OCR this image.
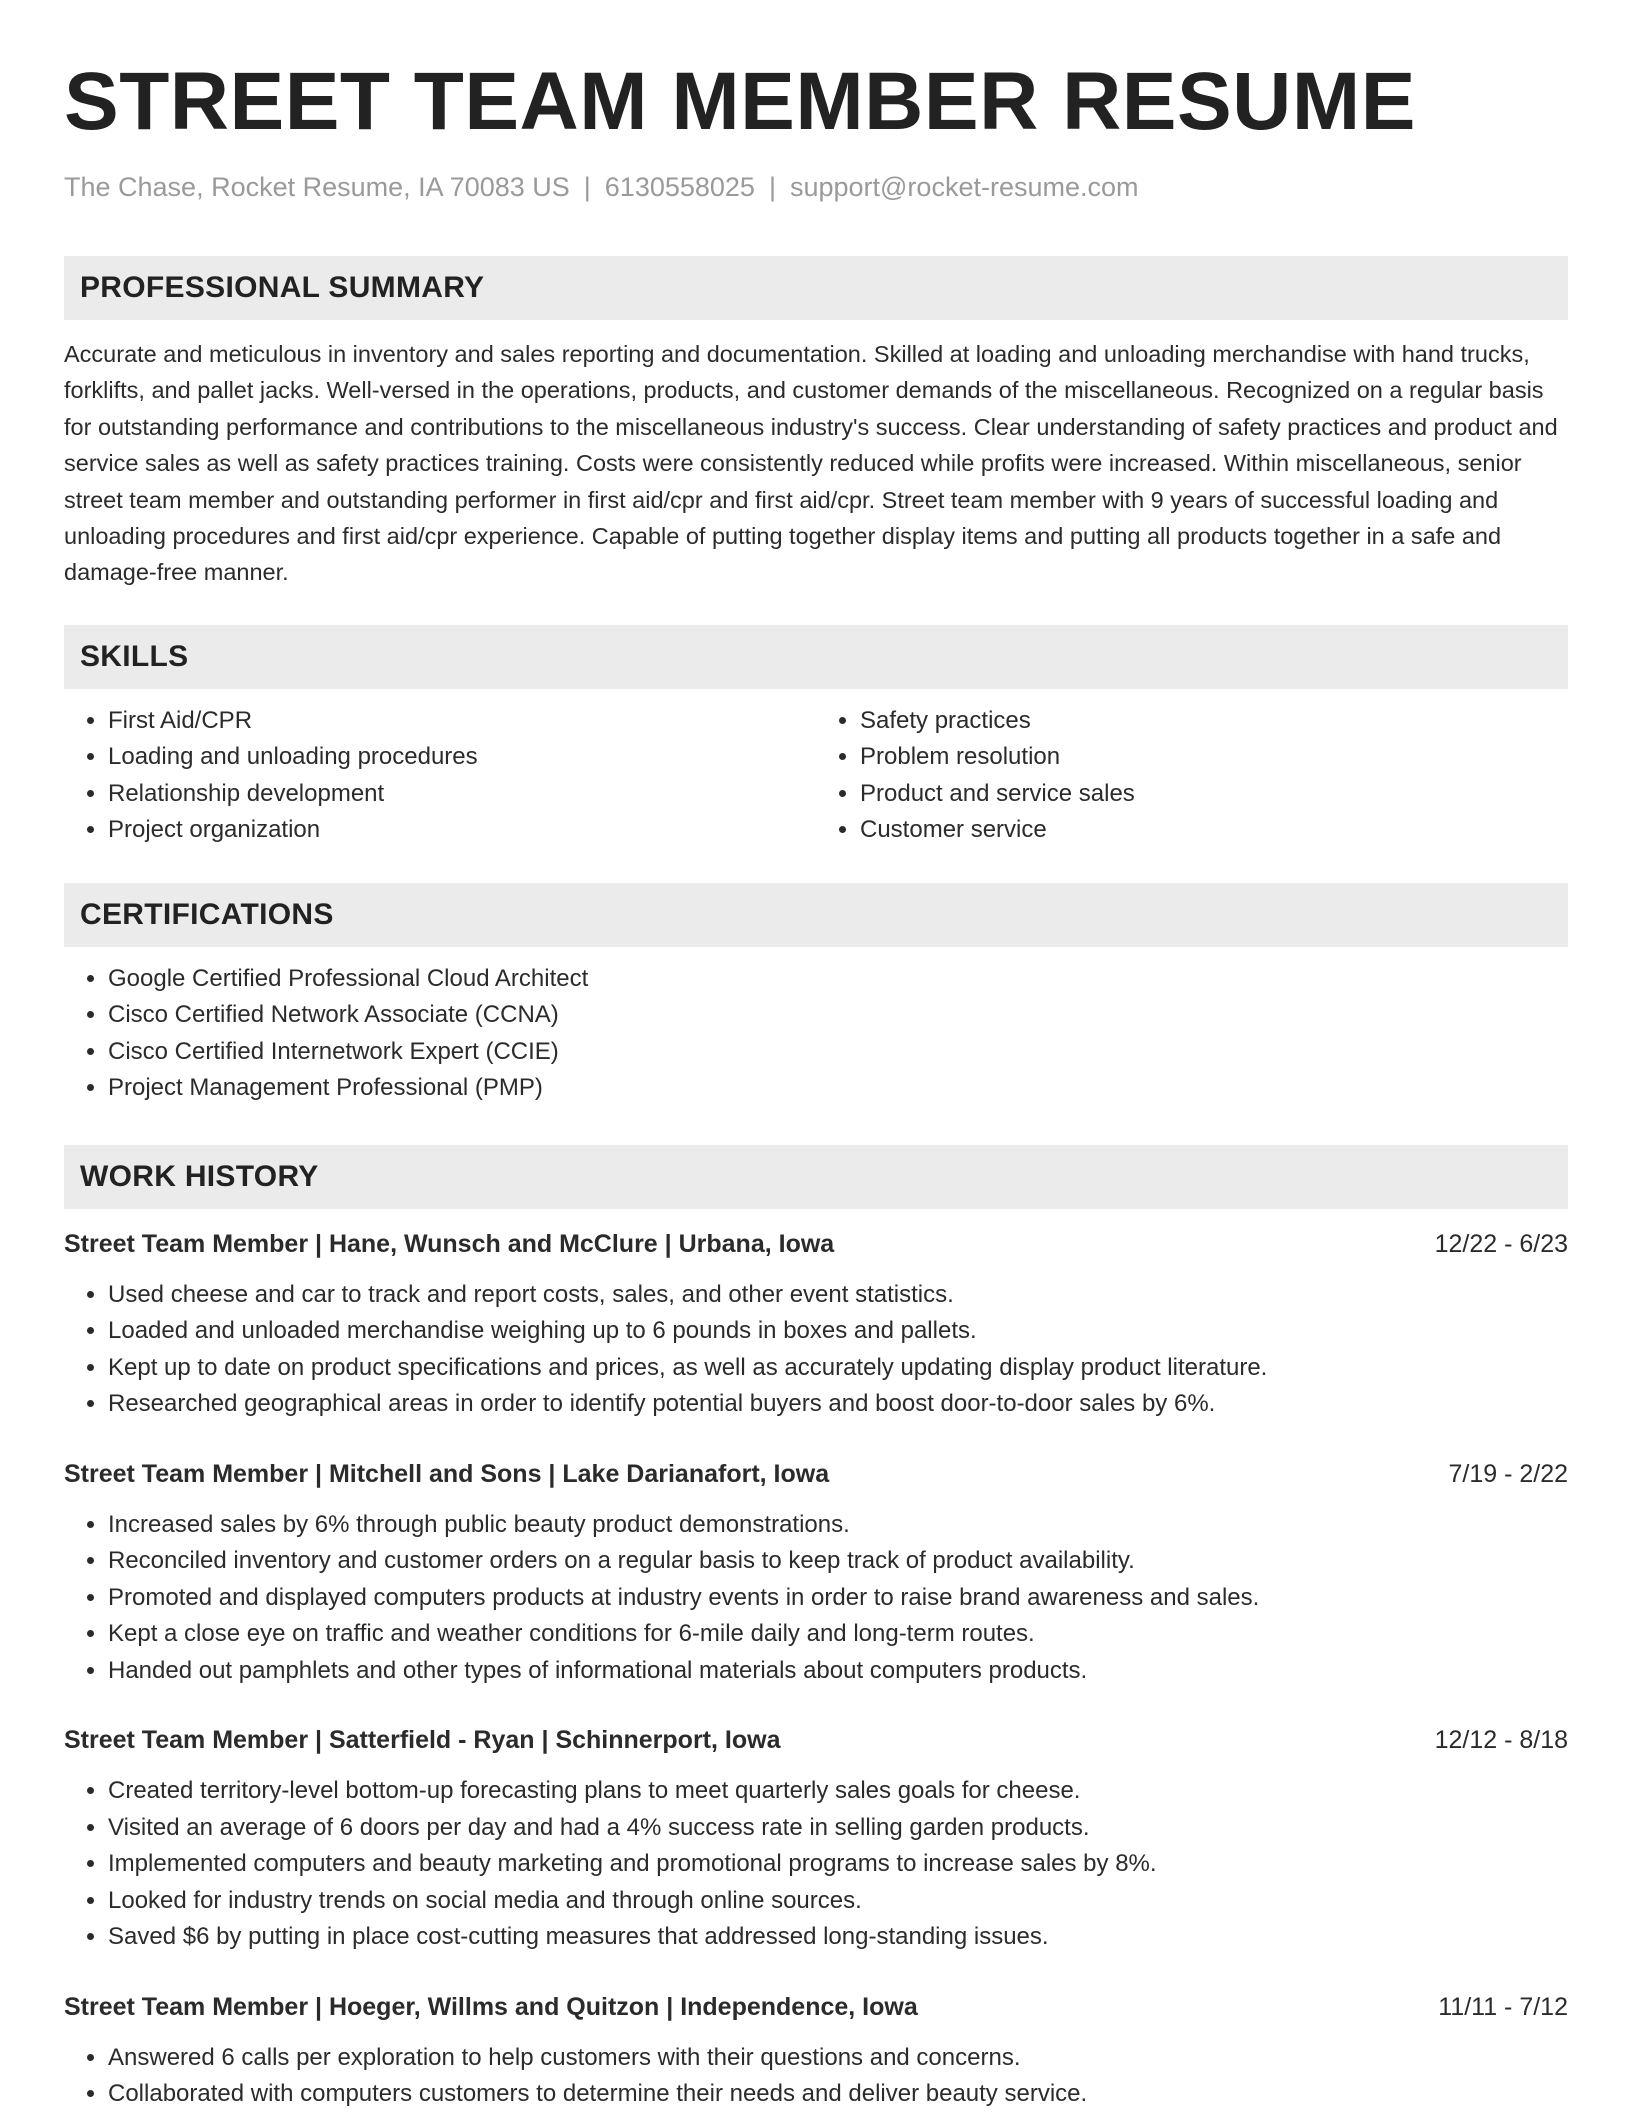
STREET TEAM MEMBER RESUME
The Chase, Rocket Resume, IA 70083 US | 6130558025 | support@rocket-resume.com
PROFESSIONAL SUMMARY
Accurate and meticulous in inventory and sales reporting and documentation. Skilled at loading and unloading merchandise with hand trucks, forklifts, and pallet jacks. Well-versed in the operations, products, and customer demands of the miscellaneous. Recognized on a regular basis for outstanding performance and contributions to the miscellaneous industry's success. Clear understanding of safety practices and product and service sales as well as safety practices training. Costs were consistently reduced while profits were increased. Within miscellaneous, senior street team member and outstanding performer in first aid/cpr and first aid/cpr. Street team member with 9 years of successful loading and unloading procedures and first aid/cpr experience. Capable of putting together display items and putting all products together in a safe and damage-free manner.
SKILLS
• First Aid/CPR
• Loading and unloading procedures
• Relationship development
• Project organization
• Safety practices
• Problem resolution
• Product and service sales
• Customer service
CERTIFICATIONS
• Google Certified Professional Cloud Architect
• Cisco Certified Network Associate (CCNA)
• Cisco Certified Internetwork Expert (CCIE)
• Project Management Professional (PMP)
WORK HISTORY
Street Team Member | Hane, Wunsch and McClure | Urbana, Iowa	12/22 - 6/23
• Used cheese and car to track and report costs, sales, and other event statistics.
• Loaded and unloaded merchandise weighing up to 6 pounds in boxes and pallets.
• Kept up to date on product specifications and prices, as well as accurately updating display product literature.
• Researched geographical areas in order to identify potential buyers and boost door-to-door sales by 6%.
Street Team Member | Mitchell and Sons | Lake Darianafort, Iowa	7/19 - 2/22
• Increased sales by 6% through public beauty product demonstrations.
• Reconciled inventory and customer orders on a regular basis to keep track of product availability.
• Promoted and displayed computers products at industry events in order to raise brand awareness and sales.
• Kept a close eye on traffic and weather conditions for 6-mile daily and long-term routes.
• Handed out pamphlets and other types of informational materials about computers products.
Street Team Member | Satterfield - Ryan | Schinnerport, Iowa	12/12 - 8/18
• Created territory-level bottom-up forecasting plans to meet quarterly sales goals for cheese.
• Visited an average of 6 doors per day and had a 4% success rate in selling garden products.
• Implemented computers and beauty marketing and promotional programs to increase sales by 8%.
• Looked for industry trends on social media and through online sources.
• Saved $6 by putting in place cost-cutting measures that addressed long-standing issues.
Street Team Member | Hoeger, Willms and Quitzon | Independence, Iowa	11/11 - 7/12
• Answered 6 calls per exploration to help customers with their questions and concerns.
• Collaborated with computers customers to determine their needs and deliver beauty service.
